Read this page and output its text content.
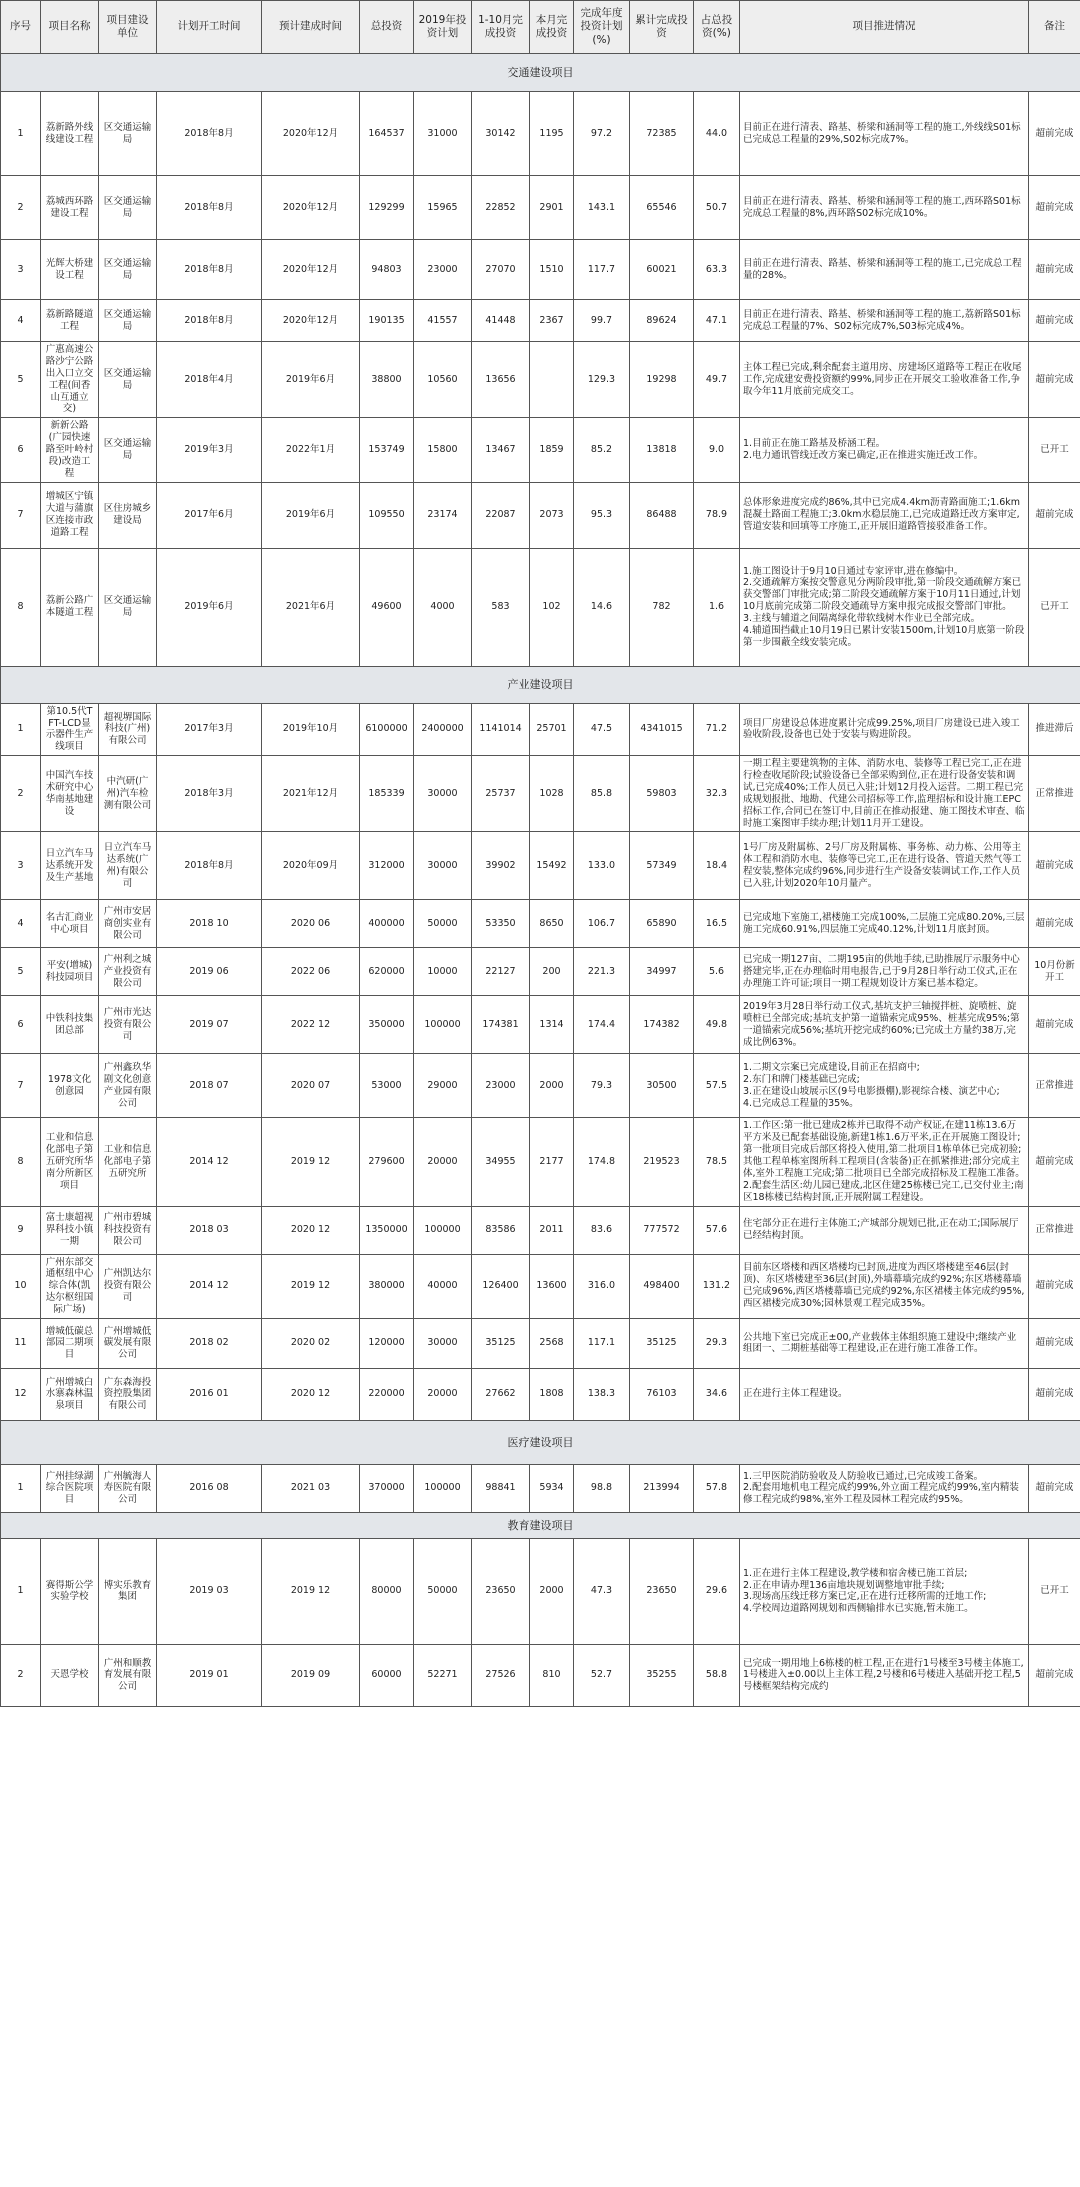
序号	项目名称	项目建设单位	计划开工时间	预计建成时间	总投资	2019年投资计划	1-10月完成投资	本月完成投资	完成年度投资计划(%)	累计完成投资	占总投资(%)	项目推进情况	备注
交通建设项目													
1	荔新路外线线建设工程	区交通运输局	2018年8月	2020年12月	164537	31000	30142	1195	97.2	72385	44.0	目前正在进行清表、路基、桥梁和涵洞等工程的施工,外线线S01标已完成总工程量的29%,S02标完成7%。	超前完成
2	荔城西环路建设工程	区交通运输局	2018年8月	2020年12月	129299	15965	22852	2901	143.1	65546	50.7	目前正在进行清表、路基、桥梁和涵洞等工程的施工,西环路S01标完成总工程量的8%,西环路S02标完成10%。	超前完成
3	光辉大桥建设工程	区交通运输局	2018年8月	2020年12月	94803	23000	27070	1510	117.7	60021	63.3	目前正在进行清表、路基、桥梁和涵洞等工程的施工,已完成总工程量的28%。	超前完成
4	荔新路隧道工程	区交通运输局	2018年8月	2020年12月	190135	41557	41448	2367	99.7	89624	47.1	目前正在进行清表、路基、桥梁和涵洞等工程的施工,荔新路S01标完成总工程量的7%、S02标完成7%,S03标完成4%。	超前完成
5	广惠高速公路沙宁公路出入口立交工程(间香山互通立交)	区交通运输局	2018年4月	2019年6月	38800	10560	13656		129.3	19298	49.7	主体工程已完成,剩余配套主道用房、房建场区道路等工程正在收尾工作,完成建安费投资额约99%,同步正在开展交工验收准备工作,争取今年11月底前完成交工。	超前完成
6	新新公路(广园快速路至叶岭村段)改造工程	区交通运输局	2019年3月	2022年1月	153749	15800	13467	1859	85.2	13818	9.0	1.目前正在施工路基及桥涵工程。
2.电力通讯管线迁改方案已确定,正在推进实施迁改工作。	已开工
7	增城区宁镇大道与蒲旗区连接市政道路工程	区住房城乡建设局	2017年6月	2019年6月	109550	23174	22087	2073	95.3	86488	78.9	总体形象进度完成约86%,其中已完成4.4km沥青路面施工;1.6km混凝土路面工程施工;3.0km水稳层施工,已完成道路迁改方案审定,管道安装和回填等工序施工,正开展旧道路管接驳准备工作。	超前完成
8	荔新公路广本隧道工程	区交通运输局	2019年6月	2021年6月	49600	4000	583	102	14.6	782	1.6	1.施工图设计于9月10日通过专家评审,进在修编中。
2.交通疏解方案按交警意见分两阶段审批,第一阶段交通疏解方案已获交警部门审批完成;第二阶段交通疏解方案于10月11日通过,计划10月底前完成第二阶段交通疏导方案申报完成报交警部门审批。
3.主线与辅道之间隔离绿化带软线树木作业已全部完成。
4.辅道围挡截止10月19日已累计安装1500m,计划10月底第一阶段第一步围蔽全线安装完成。	已开工
产业建设项目													
1	第10.5代TFT-LCD显示器件生产线项目	超视堺国际科技(广州)有限公司	2017年3月	2019年10月	6100000	2400000	1141014	25701	47.5	4341015	71.2	项目厂房建设总体进度累计完成99.25%,项目厂房建设已进入竣工验收阶段,设备也已处于安装与购进阶段。	推进滞后
2	中国汽车技术研究中心华南基地建设	中汽研(广州)汽车检测有限公司	2018年3月	2021年12月	185339	30000	25737	1028	85.8	59803	32.3	一期工程主要建筑物的主体、消防水电、装修等工程已完工,正在进行检查收尾阶段;试验设备已全部采购到位,正在进行设备安装和调试,已完成40%;工作人员已入驻;计划12月投入运营。二期工程已完成规划报批、地勘、代建公司招标等工作,监理招标和设计施工EPC招标工作,合同已在签订中,目前正在推动报建、施工图技术审查、临时施工案图审手续办理;计划11月开工建设。	正常推进
3	日立汽车马达系统开发及生产基地	日立汽车马达系统(广州)有限公司	2018年8月	2020年09月	312000	30000	39902	15492	133.0	57349	18.4	1号厂房及附属栋、2号厂房及附属栋、事务栋、动力栋、公用等主体工程和消防水电、装修等已完工,正在进行设备、管道天然气等工程安装,整体完成约96%,同步进行生产设备安装调试工作,工作人员已入驻,计划2020年10月量产。	超前完成
4	名古汇商业中心项目	广州市安居商创实业有限公司	2018 10	2020 06	400000	50000	53350	8650	106.7	65890	16.5	已完成地下室施工,裙楼施工完成100%,二层施工完成80.20%,三层施工完成60.91%,四层施工完成40.12%,计划11月底封顶。	超前完成
5	平安(增城)科技园项目	广州利之城产业投资有限公司	2019 06	2022 06	620000	10000	22127	200	221.3	34997	5.6	已完成一期127亩、二期195亩的供地手续,已助推展厅示服务中心搭建完毕,正在办理临时用电报告,已于9月28日举行动工仪式,正在办理施工许可证;项目一期工程规划设计方案已基本稳定。	10月份新开工
6	中铁科技集团总部	广州市光达投资有限公司	2019 07	2022 12	350000	100000	174381	1314	174.4	174382	49.8	2019年3月28日举行动工仪式,基坑支护三轴搅拌桩、旋喷桩、旋喷桩已全部完成;基坑支护第一道锚索完成95%、桩基完成95%;第一道锚索完成56%;基坑开挖完成约60%;已完成土方量约38万,完成比例63%。	超前完成
7	1978文化创意园	广州鑫玖华剧文化创意产业园有限公司	2018 07	2020 07	53000	29000	23000	2000	79.3	30500	57.5	1.二期文宗案已完成建设,目前正在招商中;
2.东门和牌门楼基础已完成;
3.正在建设山坡展示区(9号电影摄棚),影视综合楼、演艺中心;
4.已完成总工程量的35%。	正常推进
8	工业和信息化部电子第五研究所华南分所新区项目	工业和信息化部电子第五研究所	2014 12	2019 12	279600	20000	34955	2177	174.8	219523	78.5	1.工作区:第一批已建成2栋并已取得不动产权证,在建11栋13.6万平方米及已配套基础设施,新建1栋1.6万平米,正在开展施工图设计;第一批项目完成后部区将投入使用,第二批项目1栋单体已完成初验;其他工程单栋室图所科工程项目(含装备)正在抓紧推进;部分完成主体,室外工程施工完成;第二批项目已全部完成招标及工程施工准备。
2.配套生活区:幼儿园已建成,北区住建25栋楼已完工,已交付业主;南区18栋楼已结构封顶,正开展附属工程建设。	超前完成
9	富士康超视界科技小镇一期	广州市碧城科技投资有限公司	2018 03	2020 12	1350000	100000	83586	2011	83.6	777572	57.6	住宅部分正在进行主体施工;产城部分规划已批,正在动工;国际展厅已经结构封顶。	正常推进
10	广州东部交通枢纽中心综合体(凯达尔枢纽国际广场)	广州凯达尔投资有限公司	2014 12	2019 12	380000	40000	126400	13600	316.0	498400	131.2	目前东区塔楼和西区塔楼均已封顶,进度为西区塔楼建至46层(封顶)、东区塔楼建至36层(封顶),外墙幕墙完成约92%;东区塔楼幕墙已完成96%,西区塔楼幕墙已完成约92%,东区裙楼主体完成约95%,西区裙楼完成30%;园林景观工程完成35%。	超前完成
11	增城低碳总部园二期项目	广州增城低碳发展有限公司	2018 02	2020 02	120000	30000	35125	2568	117.1	35125	29.3	公共地下室已完成正±00,产业载体主体组织施工建设中;继续产业组团一、二期桩基础等工程建设,正在进行施工准备工作。	超前完成
12	广州增城白水寨森林温泉项目	广东森海投资控股集团有限公司	2016 01	2020 12	220000	20000	27662	1808	138.3	76103	34.6	正在进行主体工程建设。	超前完成
医疗建设项目													
1	广州挂绿湖综合医院项目	广州毓海人寿医院有限公司	2016 08	2021 03	370000	100000	98841	5934	98.8	213994	57.8	1.三甲医院消防验收及人防验收已通过,已完成竣工备案。
2.配套用地机电工程完成约99%,外立面工程完成约99%,室内精装修工程完成约98%,室外工程及园林工程完成约95%。	超前完成
教育建设项目													
1	赛得斯公学实验学校	博实乐教育集团	2019 03	2019 12	80000	50000	23650	2000	47.3	23650	29.6	1.正在进行主体工程建设,教学楼和宿舍楼已施工首层;
2.正在申请办理136亩地块规划调整地审批手续;
3.现场高压线迁移方案已定,正在进行迁移所需的迁地工作;
4.学校周边道路网规划和西侧输排水已实施,暂未施工。	已开工
2	天恩学校	广州和顺教育发展有限公司	2019 01	2019 09	60000	52271	27526	810	52.7	35255	58.8	已完成一期用地上6栋楼的桩工程,正在进行1号楼至3号楼主体施工,1号楼进入±0.00以上主体工程,2号楼和6号楼进入基础开挖工程,5号楼框架结构完成约	超前完成
